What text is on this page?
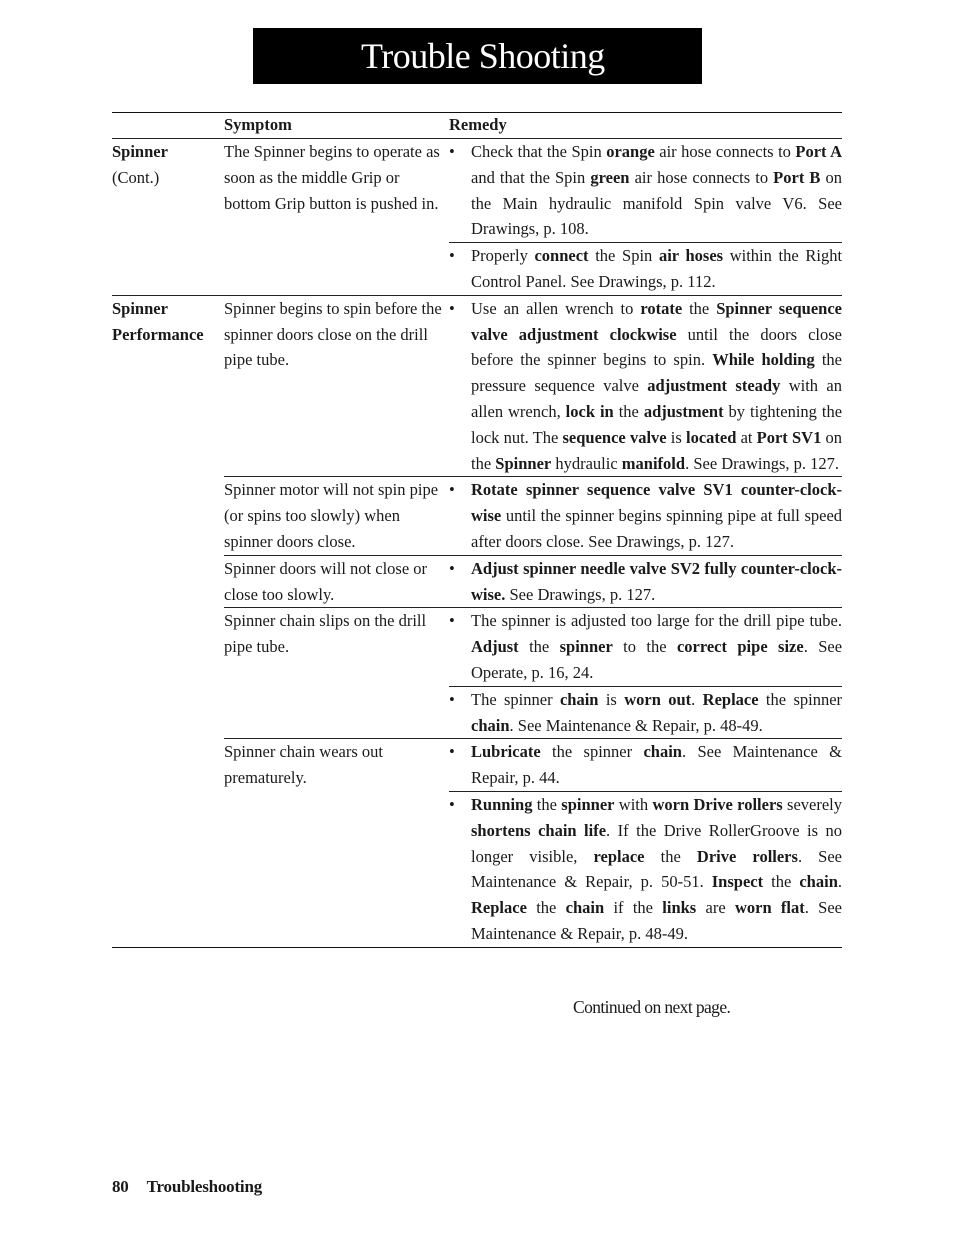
Trouble Shooting
	Symptom	Remedy	

Spinner
(Cont.)	The Spinner begins to operate as soon as the middle Grip or bottom Grip button is pushed in.	•	Check that the Spin orange air hose connects to Port A and that the Spin green air hose connects to Port B on the Main hydraulic manifold Spin valve V6. See Drawings, p. 108.
		•	Properly connect the Spin air hoses within the Right Control Panel. See Drawings, p. 112.

Spinner
Performance	Spinner begins to spin before the spinner doors close on the drill pipe tube.	•	Use an allen wrench to rotate the Spinner sequence valve adjustment clockwise until the doors close before the spinner begins to spin. While holding the pressure sequence valve adjustment steady with an allen wrench, lock in the adjustment by tightening the lock nut. The sequence valve is located at Port SV1 on the Spinner hydraulic manifold. See Drawings, p. 127.
	Spinner motor will not spin pipe (or spins too slowly) when spinner doors close.	•	Rotate spinner sequence valve SV1 counter-clock-wise until the spinner begins spinning pipe at full speed after doors close. See Drawings, p. 127.
	Spinner doors will not close or close too slowly.	•	Adjust spinner needle valve SV2 fully counter-clock-wise. See Drawings, p. 127.
	Spinner chain slips on the drill pipe tube.	•	The spinner is adjusted too large for the drill pipe tube. Adjust the spinner to the correct pipe size. See Operate, p. 16, 24.
		•	The spinner chain is worn out. Replace the spinner chain. See Maintenance & Repair, p. 48-49.
	Spinner chain wears out prematurely.	•	Lubricate the spinner chain. See Maintenance & Repair, p. 44.
		•	Running the spinner with worn Drive rollers severely shortens chain life. If the Drive RollerGroove is no longer visible, replace the Drive rollers. See Maintenance & Repair, p. 50-51. Inspect the chain. Replace the chain if the links are worn flat. See Maintenance & Repair, p. 48-49.
Continued on next page.
80 Troubleshooting
